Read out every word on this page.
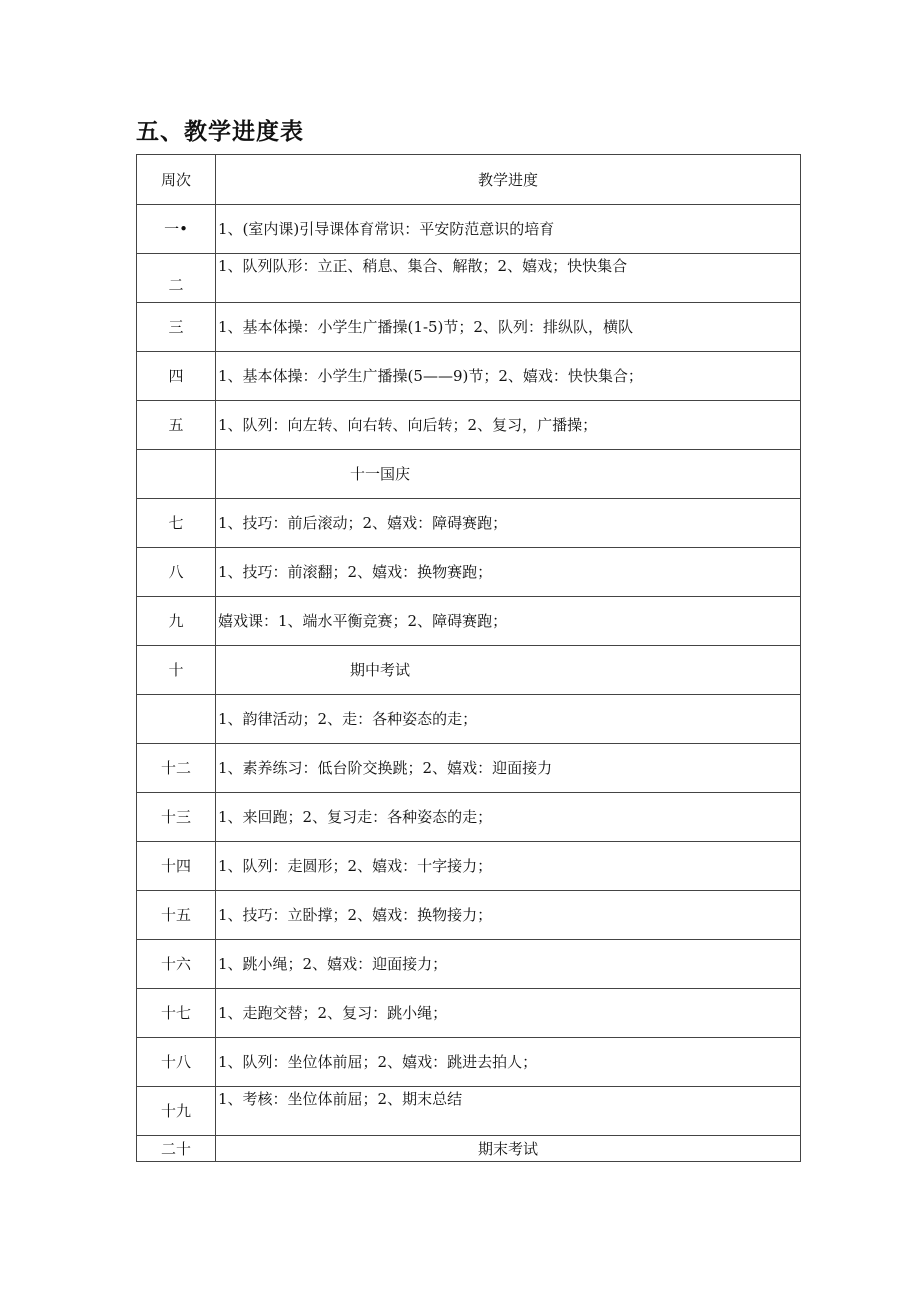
五、教学进度表
周次	教学进度
一•	1、(室内课)引导课体育常识：平安防范意识的培育
二	1、队列队形：立正、稍息、集合、解散；2、嬉戏；快快集合
三	1、基本体操：小学生广播操(1-5)节；2、队列：排纵队，横队
四	1、基本体操：小学生广播操(5——9)节；2、嬉戏：快快集合；
五	1、队列：向左转、向右转、向后转；2、复习，广播操；
	十一国庆
七	1、技巧：前后滚动；2、嬉戏：障碍赛跑；
八	1、技巧：前滚翻；2、嬉戏：换物赛跑；
九	嬉戏课：1、端水平衡竞赛；2、障碍赛跑；
十	期中考试
	1、韵律活动；2、走：各种姿态的走；
十二	1、素养练习：低台阶交换跳；2、嬉戏：迎面接力
十三	1、来回跑；2、复习走：各种姿态的走；
十四	1、队列：走圆形；2、嬉戏：十字接力；
十五	1、技巧：立卧撑；2、嬉戏：换物接力；
十六	1、跳小绳；2、嬉戏：迎面接力；
十七	1、走跑交替；2、复习：跳小绳；
十八	1、队列：坐位体前屈；2、嬉戏：跳进去拍人；
十九	1、考核：坐位体前屈；2、期末总结
二十	期末考试
